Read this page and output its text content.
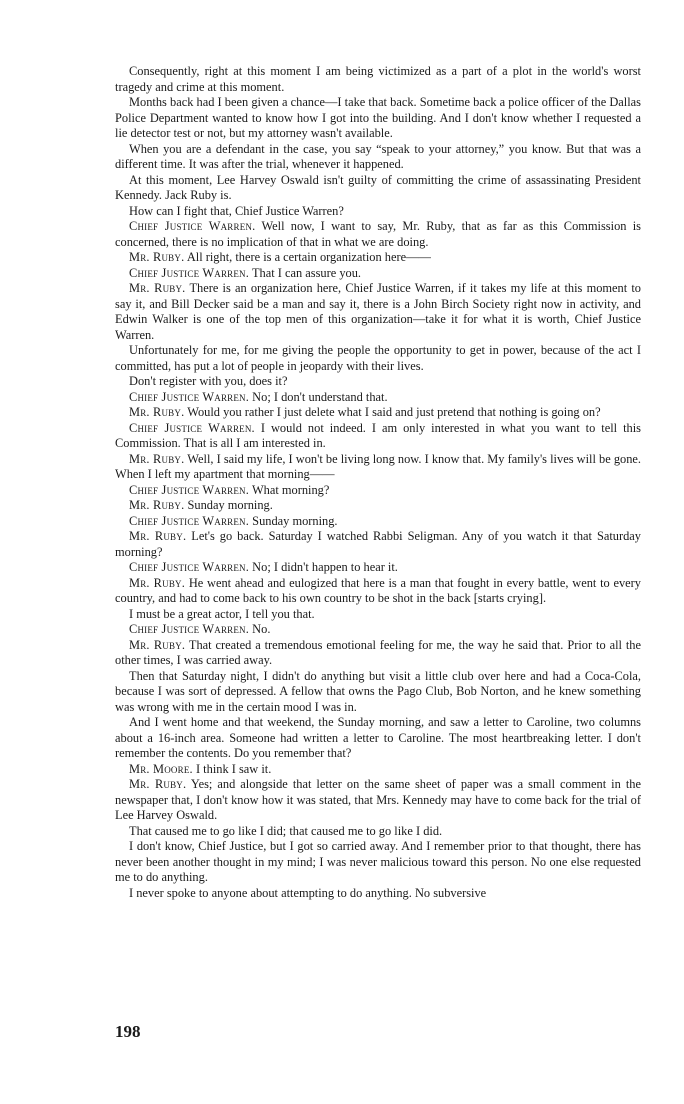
Consequently, right at this moment I am being victimized as a part of a plot in the world's worst tragedy and crime at this moment.

Months back had I been given a chance—I take that back. Sometime back a police officer of the Dallas Police Department wanted to know how I got into the building. And I don't know whether I requested a lie detector test or not, but my attorney wasn't available.

When you are a defendant in the case, you say “speak to your attorney,” you know. But that was a different time. It was after the trial, whenever it happened.

At this moment, Lee Harvey Oswald isn't guilty of committing the crime of assassinating President Kennedy. Jack Ruby is.

How can I fight that, Chief Justice Warren?

Chief Justice Warren. Well now, I want to say, Mr. Ruby, that as far as this Commission is concerned, there is no implication of that in what we are doing.

Mr. Ruby. All right, there is a certain organization here——

Chief Justice Warren. That I can assure you.

Mr. Ruby. There is an organization here, Chief Justice Warren, if it takes my life at this moment to say it, and Bill Decker said be a man and say it, there is a John Birch Society right now in activity, and Edwin Walker is one of the top men of this organization—take it for what it is worth, Chief Justice Warren.

Unfortunately for me, for me giving the people the opportunity to get in power, because of the act I committed, has put a lot of people in jeopardy with their lives.

Don't register with you, does it?

Chief Justice Warren. No; I don't understand that.

Mr. Ruby. Would you rather I just delete what I said and just pretend that nothing is going on?

Chief Justice Warren. I would not indeed. I am only interested in what you want to tell this Commission. That is all I am interested in.

Mr. Ruby. Well, I said my life, I won't be living long now. I know that. My family's lives will be gone. When I left my apartment that morning——

Chief Justice Warren. What morning?

Mr. Ruby. Sunday morning.

Chief Justice Warren. Sunday morning.

Mr. Ruby. Let's go back. Saturday I watched Rabbi Seligman. Any of you watch it that Saturday morning?

Chief Justice Warren. No; I didn't happen to hear it.

Mr. Ruby. He went ahead and eulogized that here is a man that fought in every battle, went to every country, and had to come back to his own country to be shot in the back [starts crying].

I must be a great actor, I tell you that.

Chief Justice Warren. No.

Mr. Ruby. That created a tremendous emotional feeling for me, the way he said that. Prior to all the other times, I was carried away.

Then that Saturday night, I didn't do anything but visit a little club over here and had a Coca-Cola, because I was sort of depressed. A fellow that owns the Pago Club, Bob Norton, and he knew something was wrong with me in the certain mood I was in.

And I went home and that weekend, the Sunday morning, and saw a letter to Caroline, two columns about a 16-inch area. Someone had written a letter to Caroline. The most heartbreaking letter. I don't remember the contents. Do you remember that?

Mr. Moore. I think I saw it.

Mr. Ruby. Yes; and alongside that letter on the same sheet of paper was a small comment in the newspaper that, I don't know how it was stated, that Mrs. Kennedy may have to come back for the trial of Lee Harvey Oswald.

That caused me to go like I did; that caused me to go like I did.

I don't know, Chief Justice, but I got so carried away. And I remember prior to that thought, there has never been another thought in my mind; I was never malicious toward this person. No one else requested me to do anything.

I never spoke to anyone about attempting to do anything. No subversive

198
